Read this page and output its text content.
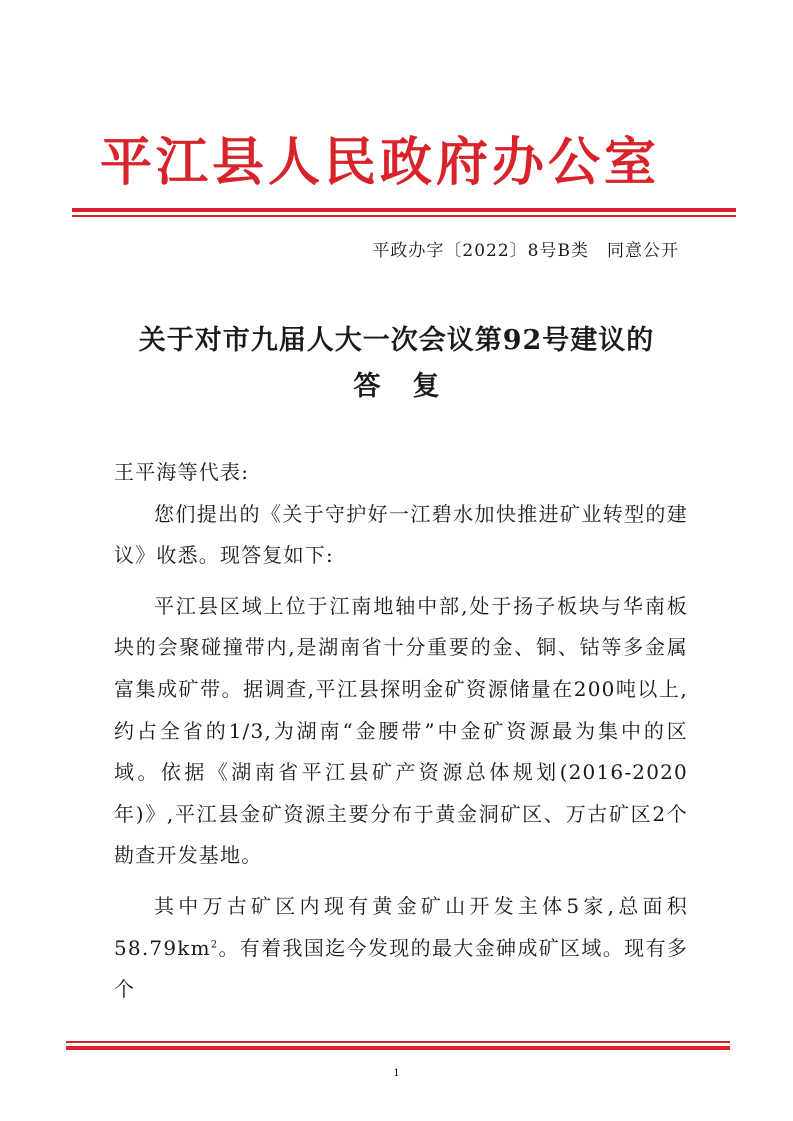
平江县人民政府办公室
平政办字〔2022〕8号B类　同意公开
关于对市九届人大一次会议第92号建议的
答复

王平海等代表:

您们提出的《关于守护好一江碧水加快推进矿业转型的建议》收悉。现答复如下:

平江县区域上位于江南地轴中部,处于扬子板块与华南板块的会聚碰撞带内,是湖南省十分重要的金、铜、钴等多金属富集成矿带。据调查,平江县探明金矿资源储量在200吨以上,约占全省的1/3,为湖南“金腰带”中金矿资源最为集中的区域。依据《湖南省平江县矿产资源总体规划(2016-2020年)》,平江县金矿资源主要分布于黄金洞矿区、万古矿区2个勘查开发基地。

其中万古矿区内现有黄金矿山开发主体5家,总面积$58.79km^2$。有着我国迄今发现的最大金砷成矿区域。现有多个

1
